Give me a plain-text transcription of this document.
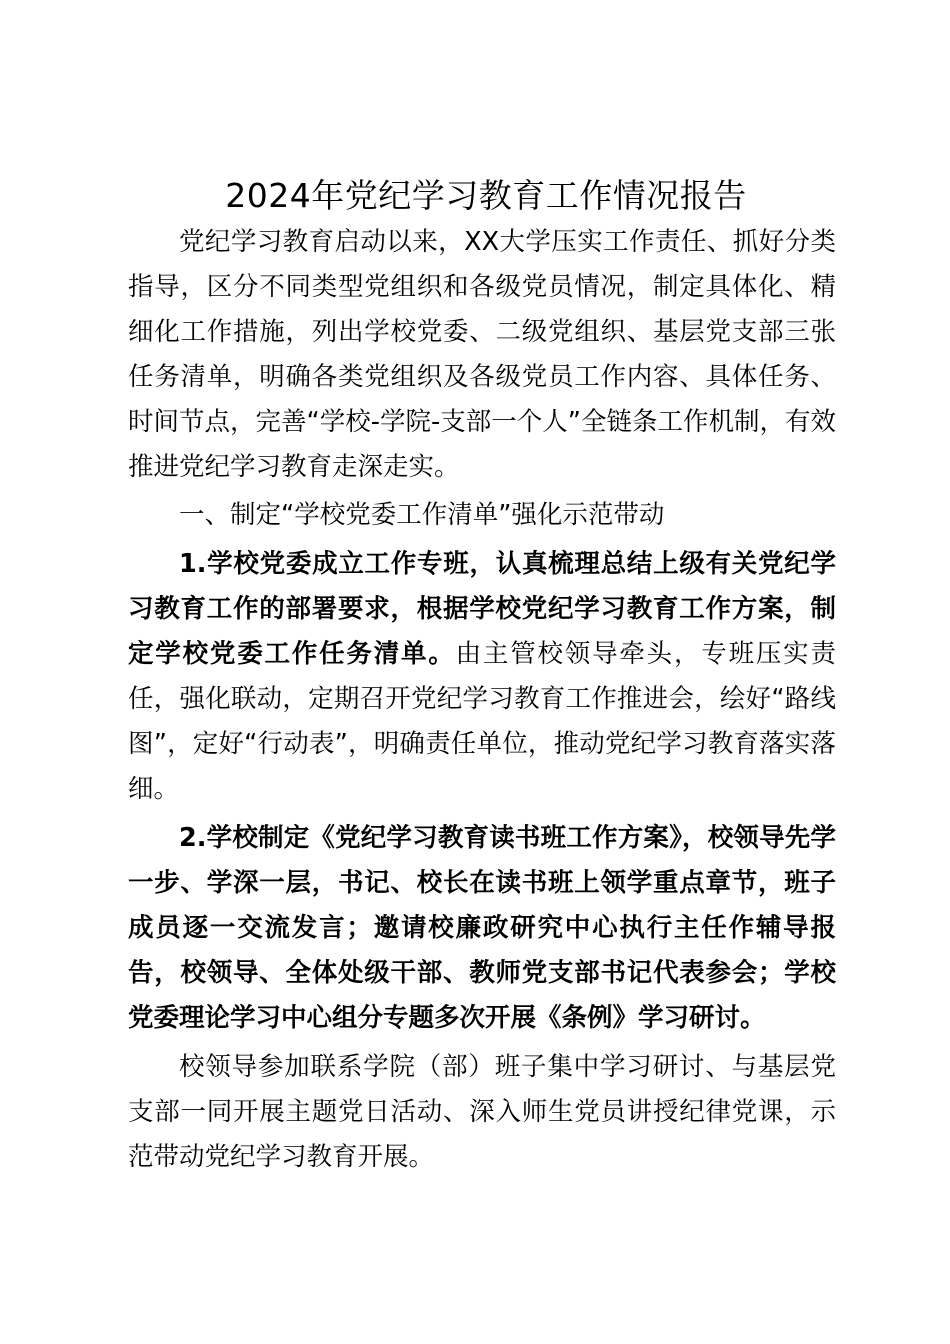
2024年党纪学习教育工作情况报告

党纪学习教育启动以来，XX大学压实工作责任、抓好分类指导，区分不同类型党组织和各级党员情况，制定具体化、精细化工作措施，列出学校党委、二级党组织、基层党支部三张任务清单，明确各类党组织及各级党员工作内容、具体任务、时间节点，完善“学校-学院-支部一个人”全链条工作机制，有效推进党纪学习教育走深走实。

一、制定“学校党委工作清单”强化示范带动

1.学校党委成立工作专班，认真梳理总结上级有关党纪学习教育工作的部署要求，根据学校党纪学习教育工作方案，制定学校党委工作任务清单。由主管校领导牵头，专班压实责任，强化联动，定期召开党纪学习教育工作推进会，绘好“路线图”，定好“行动表”，明确责任单位，推动党纪学习教育落实落细。

2.学校制定《党纪学习教育读书班工作方案》，校领导先学一步、学深一层，书记、校长在读书班上领学重点章节，班子成员逐一交流发言；邀请校廉政研究中心执行主任作辅导报告，校领导、全体处级干部、教师党支部书记代表参会；学校党委理论学习中心组分专题多次开展《条例》学习研讨。

校领导参加联系学院（部）班子集中学习研讨、与基层党支部一同开展主题党日活动、深入师生党员讲授纪律党课，示范带动党纪学习教育开展。
